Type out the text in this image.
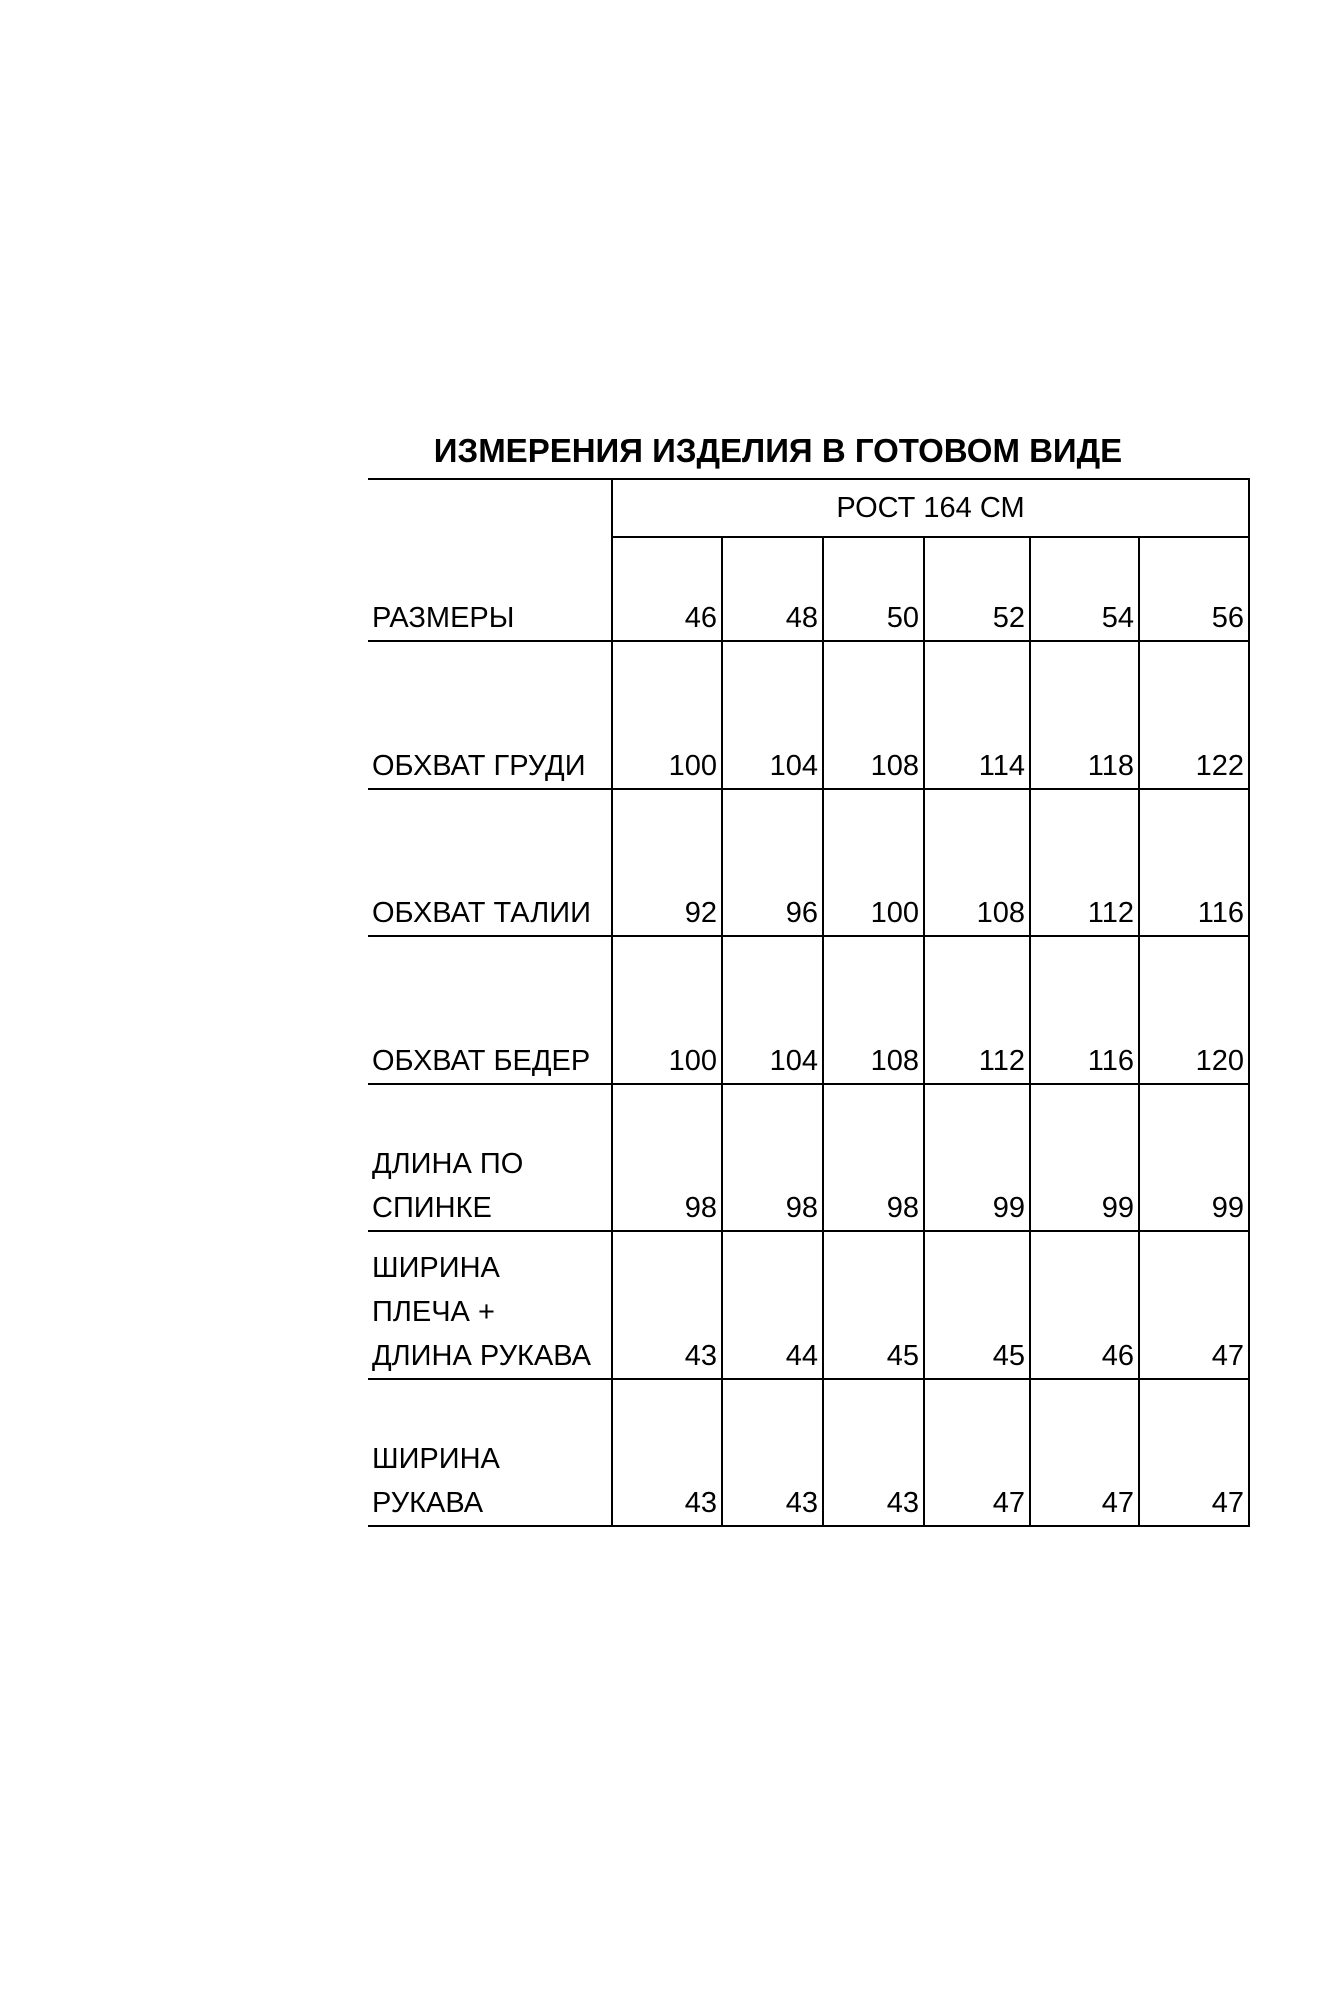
ИЗМЕРЕНИЯ ИЗДЕЛИЯ В ГОТОВОМ ВИДЕ
РОСТ 164 СМ
РАЗМЕРЫ	46	48	50	52	54	56
ОБХВАТ ГРУДИ	100	104	108	114	118	122
ОБХВАТ ТАЛИИ	92	96	100	108	112	116
ОБХВАТ БЕДЕР	100	104	108	112	116	120
ДЛИНА ПО
СПИНКЕ	98	98	98	99	99	99
ШИРИНА
ПЛЕЧА +
ДЛИНА РУКАВА	43	44	45	45	46	47
ШИРИНА
РУКАВА	43	43	43	47	47	47
